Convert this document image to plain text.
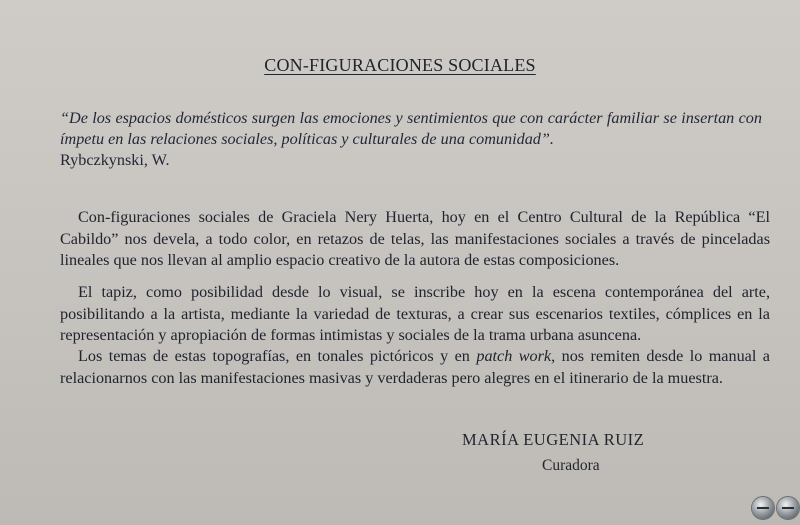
CON-FIGURACIONES SOCIALES
“De los espacios domésticos surgen las emociones y sentimientos que con carácter familiar se insertan con ímpetu en las relaciones sociales, políticas y culturales de una comunidad”.
Rybczkynski, W.
Con-figuraciones sociales de Graciela Nery Huerta, hoy en el Centro Cultural de la República “El Cabildo” nos devela, a todo color, en retazos de telas, las manifestaciones sociales a través de pinceladas lineales que nos llevan al amplio espacio creativo de la autora de estas composiciones.
El tapiz, como posibilidad desde lo visual, se inscribe hoy en la escena contemporánea del arte, posibilitando a la artista, mediante la variedad de texturas, a crear sus escenarios textiles, cómplices en la representación y apropiación de formas intimistas y sociales de la trama urbana asuncena.
Los temas de estas topografías, en tonales pictóricos y en patch work, nos remiten desde lo manual a relacionarnos con las manifestaciones masivas y verdaderas pero alegres en el itinerario de la muestra.
MARÍA EUGENIA RUIZ
Curadora
